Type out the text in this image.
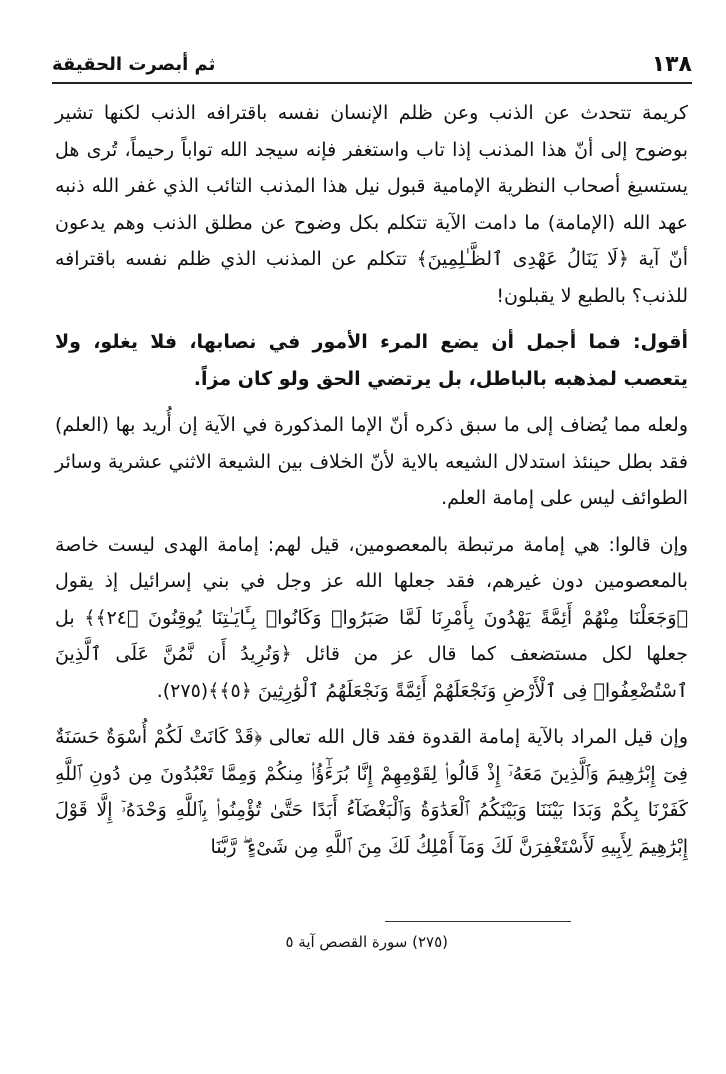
١٣٨
ثم أبصرت الحقيقة

كريمة تتحدث عن الذنب وعن ظلم الإنسان نفسه باقترافه الذنب لكنها تشير بوضوح إلى أنّ هذا المذنب إذا تاب واستغفر فإنه سيجد الله تواباً رحيماً، تُرى هل يستسيغ أصحاب النظرية الإمامية قبول نيل هذا المذنب التائب الذي غفر الله ذنبه عهد الله (الإمامة) ما دامت الآية تتكلم بكل وضوح عن مطلق الذنب وهم يدعون أنّ آية ﴿لَا يَنَالُ عَهْدِى ٱلظَّـٰلِمِينَ﴾ تتكلم عن المذنب الذي ظلم نفسه باقترافه للذنب؟ بالطبع لا يقبلون!

أقول: فما أجمل أن يضع المرء الأمور في نصابها، فلا يغلو، ولا يتعصب لمذهبه بالباطل، بل يرتضي الحق ولو كان مزاً.

ولعله مما يُضاف إلى ما سبق ذكره أنّ الإما المذكورة في الآية إن أُريد بها (العلم) فقد بطل حينئذ استدلال الشيعه بالاية لأنّ الخلاف بين الشيعة الاثني عشرية وسائر الطوائف ليس على إمامة العلم.

وإن قالوا: هي إمامة مرتبطة بالمعصومين، قيل لهم: إمامة الهدى ليست خاصة بالمعصومين دون غيرهم، فقد جعلها الله عز وجل في بني إسرائيل إذ يقول ﴿وَجَعَلْنَا مِنْهُمْ أَئِمَّةً يَهْدُونَ بِأَمْرِنَا لَمَّا صَبَرُوا۟ وَكَانُوا۟ بِـَٔايَـٰتِنَا يُوقِنُونَ ﴿٢٤﴾﴾ بل جعلها لكل مستضعف كما قال عز من قائل ﴿وَنُرِيدُ أَن نَّمُنَّ عَلَى ٱلَّذِينَ ٱسْتُضْعِفُوا۟ فِى ٱلْأَرْضِ وَنَجْعَلَهُمْ أَئِمَّةً وَنَجْعَلَهُمُ ٱلْوَٰرِثِينَ ﴿٥﴾﴾(٢٧٥).

وإن قيل المراد بالآية إمامة القدوة فقد قال الله تعالى ﴿قَدْ كَانَتْ لَكُمْ أُسْوَةٌ حَسَنَةٌ فِىٓ إِبْرَٰهِيمَ وَٱلَّذِينَ مَعَهُۥٓ إِذْ قَالُوا۟ لِقَوْمِهِمْ إِنَّا بُرَءَٰٓؤُا۟ مِنكُمْ وَمِمَّا تَعْبُدُونَ مِن دُونِ ٱللَّهِ كَفَرْنَا بِكُمْ وَبَدَا بَيْنَنَا وَبَيْنَكُمُ ٱلْعَدَٰوَةُ وَٱلْبَغْضَآءُ أَبَدًا حَتَّىٰ تُؤْمِنُوا۟ بِٱللَّهِ وَحْدَهُۥٓ إِلَّا قَوْلَ إِبْرَٰهِيمَ لِأَبِيهِ لَأَسْتَغْفِرَنَّ لَكَ وَمَآ أَمْلِكُ لَكَ مِنَ ٱللَّهِ مِن شَىْءٍ ۖ رَّبَّنَا

(٢٧٥) سورة القصص آية ٥
